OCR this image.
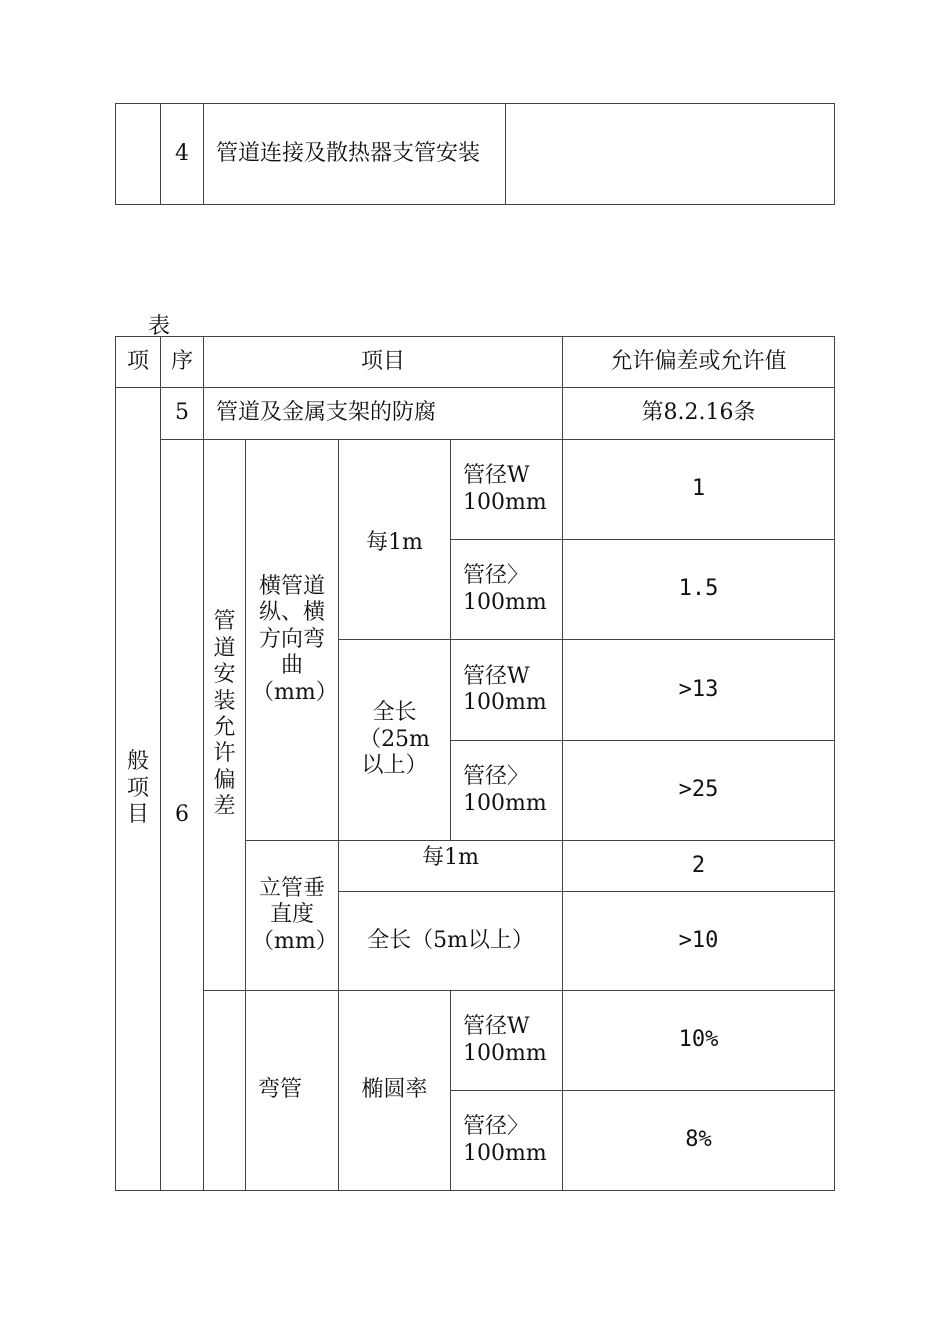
	4	管道连接及散热器支管安装	
表
项	序	项目				允许偏差或允许值

般项目	5	管道及金属支架的防腐				第8.2.16条
	6	管道安装允许偏差	横管道纵、横方向弯曲（mm）	每1m	管径W 100mm	1
					管径〉100mm	1.5

				全长（25m以上）	管径W 100mm	>13
					管径〉100mm	>25

			立管垂直度（mm）	每1m		2
				全长（5m以上）		>10
			弯管	椭圆率	管径W 100mm	10%
					管径〉100mm	8%
